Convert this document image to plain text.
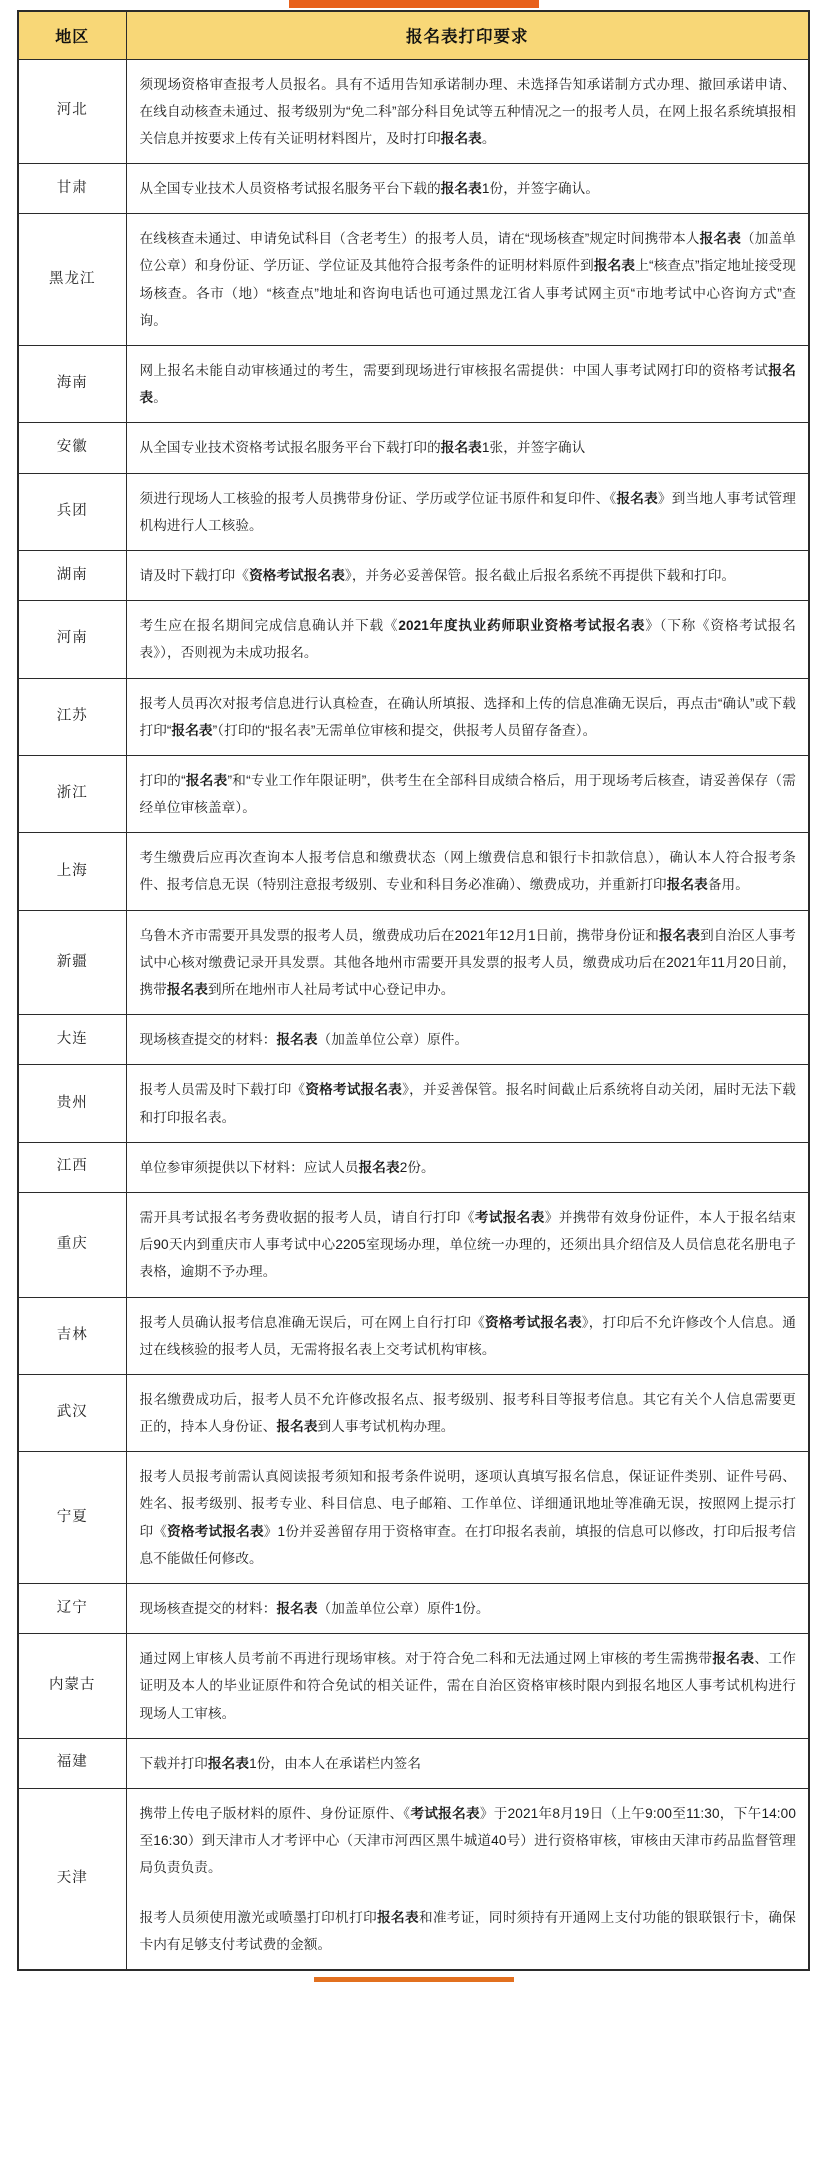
地区	报名表打印要求
河北	须现场资格审查报考人员报名。具有不适用告知承诺制办理、未选择告知承诺制方式办理、撤回承诺申请、在线自动核查未通过、报考级别为“免二科”部分科目免试等五种情况之一的报考人员，在网上报名系统填报相关信息并按要求上传有关证明材料图片，及时打印报名表。

甘肃	从全国专业技术人员资格考试报名服务平台下载的报名表1份，并签字确认。

黑龙江	在线核查未通过、申请免试科目（含老考生）的报考人员，请在“现场核查”规定时间携带本人报名表（加盖单位公章）和身份证、学历证、学位证及其他符合报考条件的证明材料原件到报名表上“核查点”指定地址接受现场核查。各市（地）“核查点”地址和咨询电话也可通过黑龙江省人事考试网主页“市地考试中心咨询方式”查询。

海南	网上报名未能自动审核通过的考生，需要到现场进行审核报名需提供：中国人事考试网打印的资格考试报名表。

安徽	从全国专业技术资格考试报名服务平台下载打印的报名表1张，并签字确认

兵团	须进行现场人工核验的报考人员携带身份证、学历或学位证书原件和复印件、《报名表》到当地人事考试管理机构进行人工核验。

湖南	请及时下载打印《资格考试报名表》，并务必妥善保管。报名截止后报名系统不再提供下载和打印。

河南	考生应在报名期间完成信息确认并下载《2021年度执业药师职业资格考试报名表》（下称《资格考试报名表》），否则视为未成功报名。

江苏	报考人员再次对报考信息进行认真检查，在确认所填报、选择和上传的信息准确无误后，再点击“确认”或下载打印“报名表”（打印的“报名表”无需单位审核和提交，供报考人员留存备查）。

浙江	打印的“报名表”和“专业工作年限证明”，供考生在全部科目成绩合格后，用于现场考后核查，请妥善保存（需经单位审核盖章）。

上海	考生缴费后应再次查询本人报考信息和缴费状态（网上缴费信息和银行卡扣款信息），确认本人符合报考条件、报考信息无误（特别注意报考级别、专业和科目务必准确）、缴费成功，并重新打印报名表备用。

新疆	乌鲁木齐市需要开具发票的报考人员，缴费成功后在2021年12月1日前，携带身份证和报名表到自治区人事考试中心核对缴费记录开具发票。其他各地州市需要开具发票的报考人员，缴费成功后在2021年11月20日前，携带报名表到所在地州市人社局考试中心登记申办。

大连	现场核查提交的材料：报名表（加盖单位公章）原件。

贵州	报考人员需及时下载打印《资格考试报名表》，并妥善保管。报名时间截止后系统将自动关闭，届时无法下载和打印报名表。

江西	单位参审须提供以下材料：应试人员报名表2份。

重庆	需开具考试报名考务费收据的报考人员，请自行打印《考试报名表》并携带有效身份证件，本人于报名结束后90天内到重庆市人事考试中心2205室现场办理，单位统一办理的，还须出具介绍信及人员信息花名册电子表格，逾期不予办理。

吉林	报考人员确认报考信息准确无误后，可在网上自行打印《资格考试报名表》，打印后不允许修改个人信息。通过在线核验的报考人员，无需将报名表上交考试机构审核。

武汉	报名缴费成功后，报考人员不允许修改报名点、报考级别、报考科目等报考信息。其它有关个人信息需要更正的，持本人身份证、报名表到人事考试机构办理。

宁夏	报考人员报考前需认真阅读报考须知和报考条件说明，逐项认真填写报名信息，保证证件类别、证件号码、姓名、报考级别、报考专业、科目信息、电子邮箱、工作单位、详细通讯地址等准确无误，按照网上提示打印《资格考试报名表》1份并妥善留存用于资格审查。在打印报名表前，填报的信息可以修改，打印后报考信息不能做任何修改。

辽宁	现场核查提交的材料：报名表（加盖单位公章）原件1份。

内蒙古	通过网上审核人员考前不再进行现场审核。对于符合免二科和无法通过网上审核的考生需携带报名表、工作证明及本人的毕业证原件和符合免试的相关证件，需在自治区资格审核时限内到报名地区人事考试机构进行现场人工审核。

福建	下载并打印报名表1份，由本人在承诺栏内签名

天津	携带上传电子版材料的原件、身份证原件、《考试报名表》于2021年8月19日（上午9:00至11:30，下午14:00至16:30）到天津市人才考评中心（天津市河西区黑牛城道40号）进行资格审核，审核由天津市药品监督管理局负责负责。

报考人员须使用激光或喷墨打印机打印报名表和准考证，同时须持有开通网上支付功能的银联银行卡，确保卡内有足够支付考试费的金额。
